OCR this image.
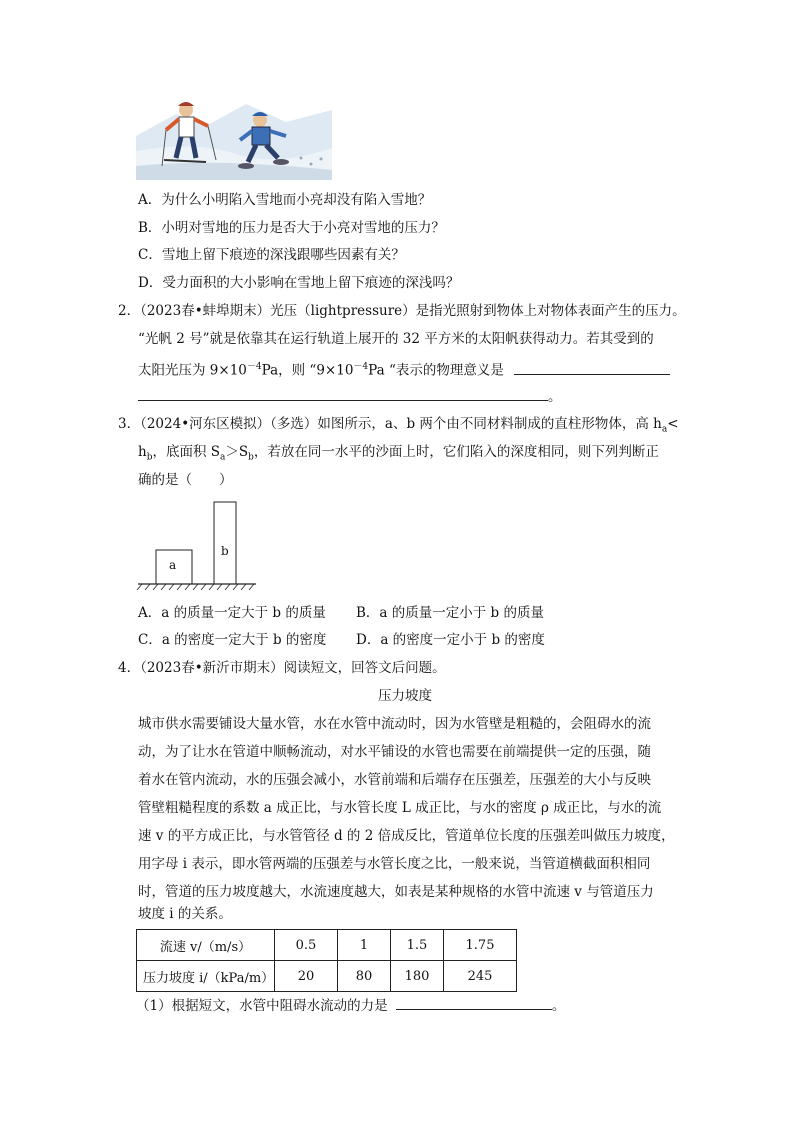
A．为什么小明陷入雪地而小亮却没有陷入雪地？
B．小明对雪地的压力是否大于小亮对雪地的压力？
C．雪地上留下痕迹的深浅跟哪些因素有关？
D．受力面积的大小影响在雪地上留下痕迹的深浅吗？
2．（2023春•蚌埠期末）光压（lightpressure）是指光照射到物体上对物体表面产生的压力。
“光帆 2 号”就是依靠其在运行轨道上展开的 32 平方米的太阳帆获得动力。若其受到的
太阳光压为 $9\times 10^{-4}Pa$，则 “$9\times 10^{-4}Pa$ “表示的物理意义是
。
3．（2024•河东区模拟）（多选）如图所示，a、b 两个由不同材料制成的直柱形物体，高 $h_a<$
$h_b$，底面积 $S_a>S_b$，若放在同一水平的沙面上时，它们陷入的深度相同，则下列判断正
确的是（　　）
a
b
A．a 的质量一定大于 b 的质量 B．a 的质量一定小于 b 的质量
C．a 的密度一定大于 b 的密度 D．a 的密度一定小于 b 的密度
4．（2023春•新沂市期末）阅读短文，回答文后问题。
压力坡度
城市供水需要铺设大量水管，水在水管中流动时，因为水管壁是粗糙的，会阻碍水的流
动，为了让水在管道中顺畅流动，对水平铺设的水管也需要在前端提供一定的压强，随
着水在管内流动，水的压强会减小，水管前端和后端存在压强差，压强差的大小与反映
管壁粗糙程度的系数 a 成正比，与水管长度 L 成正比，与水的密度 ρ 成正比，与水的流
速 v 的平方成正比，与水管管径 d 的 2 倍成反比，管道单位长度的压强差叫做压力坡度，
用字母 i 表示，即水管两端的压强差与水管长度之比，一般来说，当管道横截面积相同
时，管道的压力坡度越大，水流速度越大，如表是某种规格的水管中流速 v 与管道压力
坡度 i 的关系。
流速 v/（m/s）	0.5	1	1.5	1.75
压力坡度 i/（kPa/m）	20	80	180	245
（1）根据短文，水管中阻碍水流动的力是	。
